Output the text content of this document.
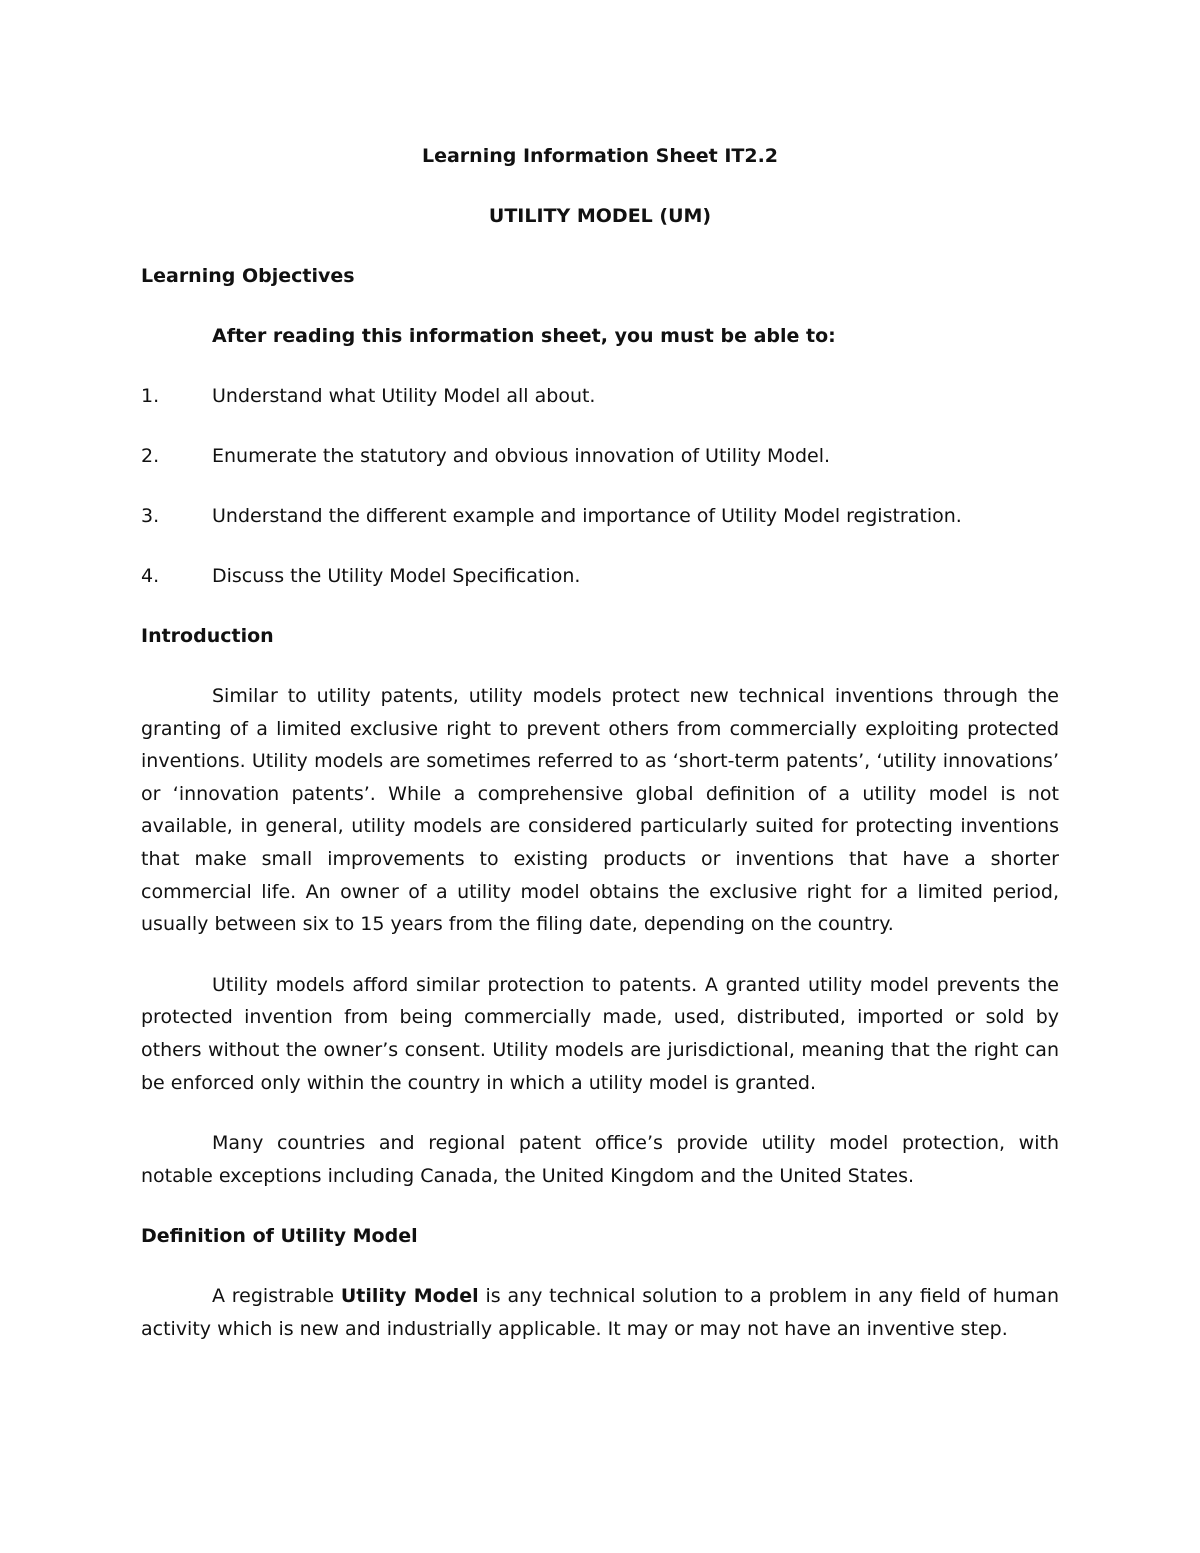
Learning Information Sheet IT2.2

UTILITY MODEL (UM)

Learning Objectives

After reading this information sheet, you must be able to:

1.	Understand what Utility Model all about.
2.	Enumerate the statutory and obvious innovation of Utility Model.
3.	Understand the different example and importance of Utility Model registration.
4.	Discuss the Utility Model Specification.

Introduction

Similar to utility patents, utility models protect new technical inventions through the granting of a limited exclusive right to prevent others from commercially exploiting protected inventions. Utility models are sometimes referred to as ‘short-term patents’, ‘utility innovations’ or ‘innovation patents’. While a comprehensive global definition of a utility model is not available, in general, utility models are considered particularly suited for protecting inventions that make small improvements to existing products or inventions that have a shorter commercial life. An owner of a utility model obtains the exclusive right for a limited period, usually between six to 15 years from the filing date, depending on the country.

Utility models afford similar protection to patents. A granted utility model prevents the protected invention from being commercially made, used, distributed, imported or sold by others without the owner’s consent. Utility models are jurisdictional, meaning that the right can be enforced only within the country in which a utility model is granted.

Many countries and regional patent office’s provide utility model protection, with notable exceptions including Canada, the United Kingdom and the United States.

Definition of Utility Model

A registrable Utility Model is any technical solution to a problem in any field of human activity which is new and industrially applicable. It may or may not have an inventive step.
